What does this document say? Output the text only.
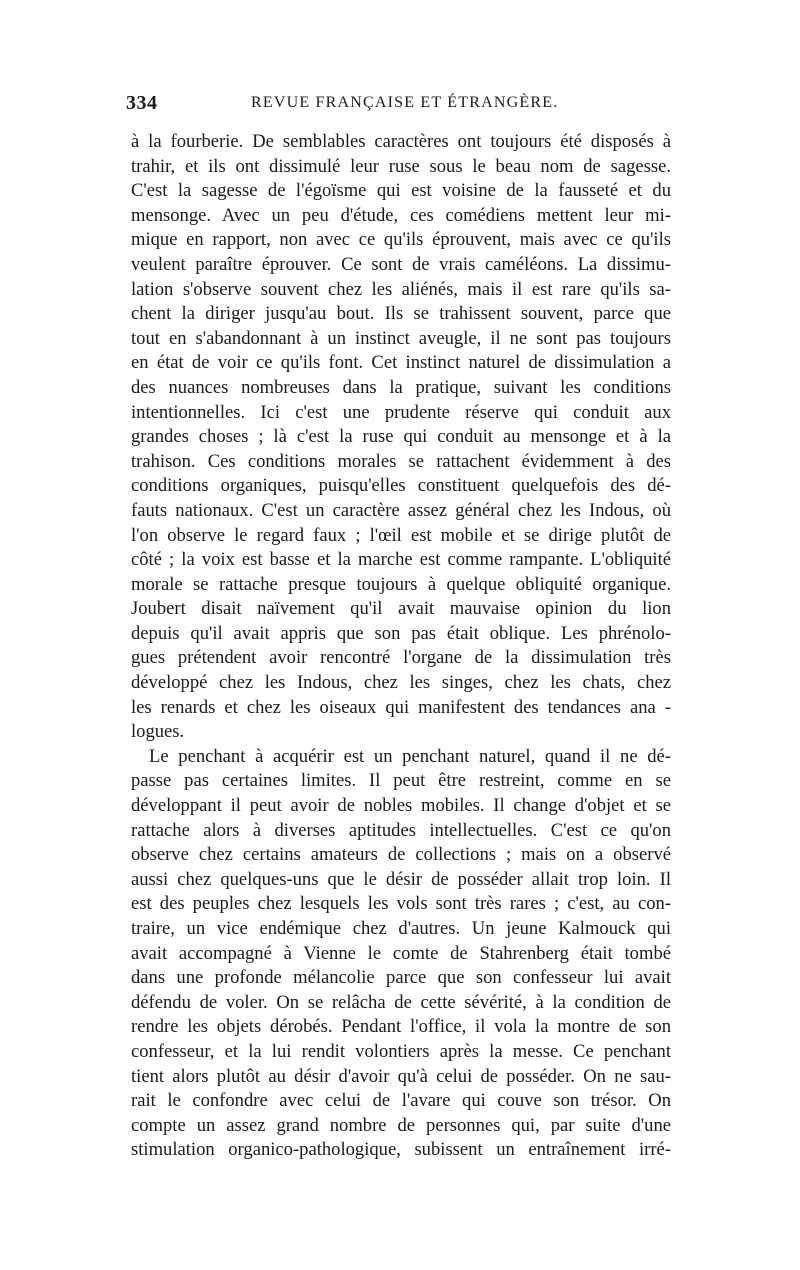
334	REVUE FRANÇAISE ET ÉTRANGÈRE.
à la fourberie. De semblables caractères ont toujours été disposés à
trahir, et ils ont dissimulé leur ruse sous le beau nom de sagesse.
C'est la sagesse de l'égoïsme qui est voisine de la fausseté et du
mensonge. Avec un peu d'étude, ces comédiens mettent leur mi-
mique en rapport, non avec ce qu'ils éprouvent, mais avec ce qu'ils
veulent paraître éprouver. Ce sont de vrais caméléons. La dissimu-
lation s'observe souvent chez les aliénés, mais il est rare qu'ils sa-
chent la diriger jusqu'au bout. Ils se trahissent souvent, parce que
tout en s'abandonnant à un instinct aveugle, il ne sont pas toujours
en état de voir ce qu'ils font. Cet instinct naturel de dissimulation a
des nuances nombreuses dans la pratique, suivant les conditions
intentionnelles. Ici c'est une prudente réserve qui conduit aux
grandes choses ; là c'est la ruse qui conduit au mensonge et à la
trahison. Ces conditions morales se rattachent évidemment à des
conditions organiques, puisqu'elles constituent quelquefois des dé-
fauts nationaux. C'est un caractère assez général chez les Indous, où
l'on observe le regard faux ; l'œil est mobile et se dirige plutôt de
côté ; la voix est basse et la marche est comme rampante. L'obliquité
morale se rattache presque toujours à quelque obliquité organique.
Joubert disait naïvement qu'il avait mauvaise opinion du lion
depuis qu'il avait appris que son pas était oblique. Les phrénolo-
gues prétendent avoir rencontré l'organe de la dissimulation très
développé chez les Indous, chez les singes, chez les chats, chez
les renards et chez les oiseaux qui manifestent des tendances ana -
logues.
Le penchant à acquérir est un penchant naturel, quand il ne dé-
passe pas certaines limites. Il peut être restreint, comme en se
développant il peut avoir de nobles mobiles. Il change d'objet et se
rattache alors à diverses aptitudes intellectuelles. C'est ce qu'on
observe chez certains amateurs de collections ; mais on a observé
aussi chez quelques-uns que le désir de posséder allait trop loin. Il
est des peuples chez lesquels les vols sont très rares ; c'est, au con-
traire, un vice endémique chez d'autres. Un jeune Kalmouck qui
avait accompagné à Vienne le comte de Stahrenberg était tombé
dans une profonde mélancolie parce que son confesseur lui avait
défendu de voler. On se relâcha de cette sévérité, à la condition de
rendre les objets dérobés. Pendant l'office, il vola la montre de son
confesseur, et la lui rendit volontiers après la messe. Ce penchant
tient alors plutôt au désir d'avoir qu'à celui de posséder. On ne sau-
rait le confondre avec celui de l'avare qui couve son trésor. On
compte un assez grand nombre de personnes qui, par suite d'une
stimulation organico-pathologique, subissent un entraînement irré-
